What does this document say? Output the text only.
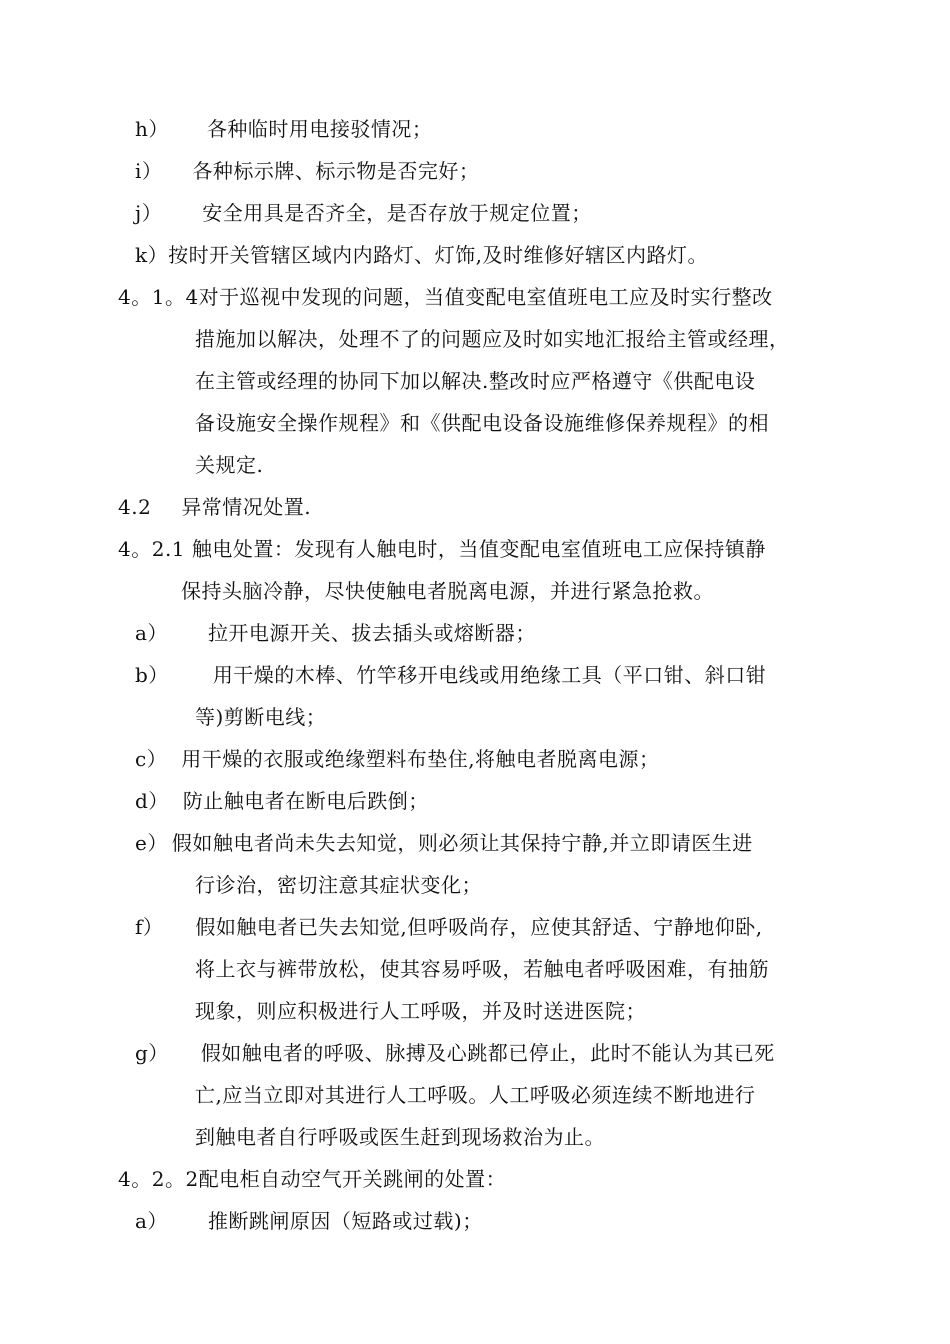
h） 各种临时用电接驳情况；
i） 各种标示牌、标示物是否完好；
j） 安全用具是否齐全，是否存放于规定位置；
k）按时开关管辖区域内内路灯、灯饰,及时维修好辖区内路灯。
4。1。4对于巡视中发现的问题，当值变配电室值班电工应及时实行整改
措施加以解决，处理不了的问题应及时如实地汇报给主管或经理，
在主管或经理的协同下加以解决.整改时应严格遵守《供配电设
备设施安全操作规程》和《供配电设备设施维修保养规程》的相
关规定.
4.2 异常情况处置.
4。2.1 触电处置：发现有人触电时，当值变配电室值班电工应保持镇静
保持头脑冷静，尽快使触电者脱离电源，并进行紧急抢救。
a） 拉开电源开关、拔去插头或熔断器；
b） 用干燥的木棒、竹竿移开电线或用绝缘工具（平口钳、斜口钳
等)剪断电线；
c） 用干燥的衣服或绝缘塑料布垫住,将触电者脱离电源；
d） 防止触电者在断电后跌倒；
e） 假如触电者尚未失去知觉，则必须让其保持宁静,并立即请医生进
行诊治，密切注意其症状变化；
f） 假如触电者已失去知觉,但呼吸尚存，应使其舒适、宁静地仰卧,
将上衣与裤带放松，使其容易呼吸，若触电者呼吸困难，有抽筋
现象，则应积极进行人工呼吸，并及时送进医院；
g） 假如触电者的呼吸、脉搏及心跳都已停止，此时不能认为其已死
亡,应当立即对其进行人工呼吸。人工呼吸必须连续不断地进行
到触电者自行呼吸或医生赶到现场救治为止。
4。2。2配电柜自动空气开关跳闸的处置：
a） 推断跳闸原因（短路或过载)；
